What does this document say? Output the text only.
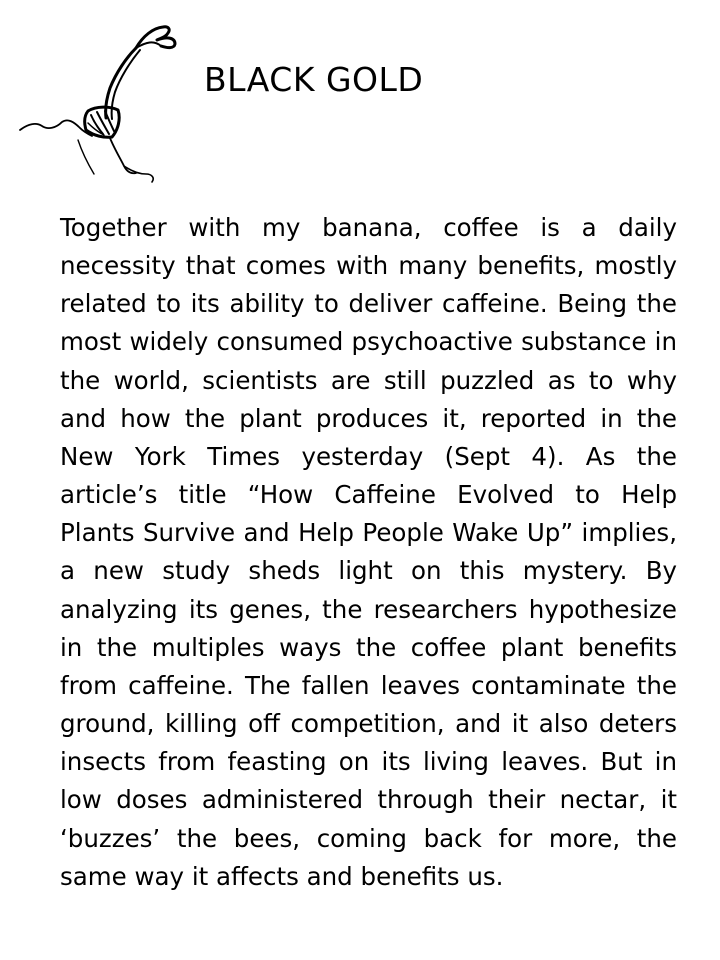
BLACK GOLD

Together with my banana, coffee is a daily necessity that comes with many benefits, mostly related to its ability to deliver caffeine. Being the most widely consumed psychoactive substance in the world, scientists are still puzzled as to why and how the plant produces it, reported in the New York Times yesterday (Sept 4). As the article’s title “How Caffeine Evolved to Help Plants Survive and Help People Wake Up” implies, a new study sheds light on this mystery. By analyzing its genes, the researchers hypothesize in the multiples ways the coffee plant benefits from caffeine. The fallen leaves contaminate the ground, killing off competition, and it also deters insects from feasting on its living leaves. But in low doses administered through their nectar, it ‘buzzes’ the bees, coming back for more, the same way it affects and benefits us.
